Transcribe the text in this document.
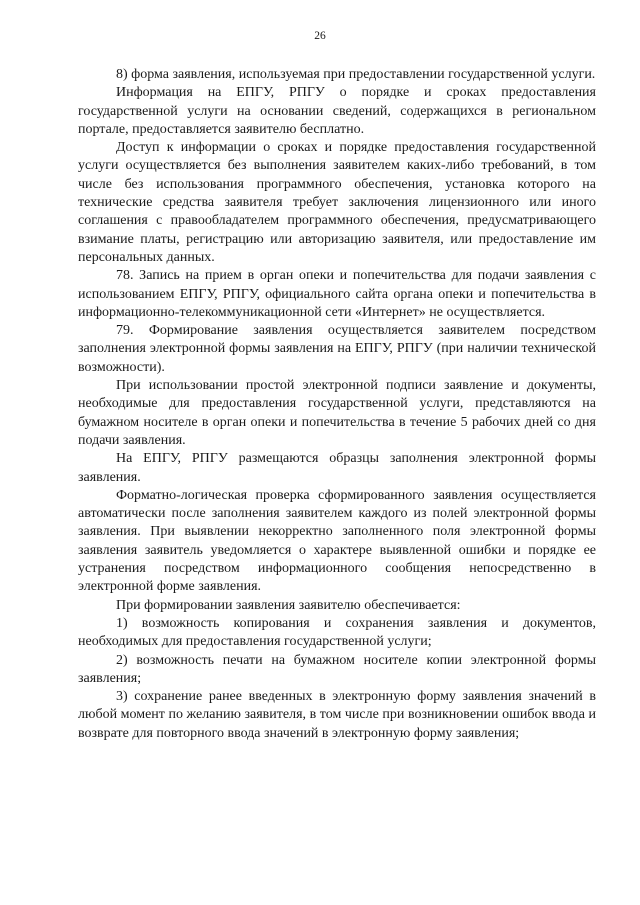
26

8) форма заявления, используемая при предоставлении государственной услуги.

Информация на ЕПГУ, РПГУ о порядке и сроках предоставления государственной услуги на основании сведений, содержащихся в региональном портале, предоставляется заявителю бесплатно.

Доступ к информации о сроках и порядке предоставления государственной услуги осуществляется без выполнения заявителем каких-либо требований, в том числе без использования программного обеспечения, установка которого на технические средства заявителя требует заключения лицензионного или иного соглашения с правообладателем программного обеспечения, предусматривающего взимание платы, регистрацию или авторизацию заявителя, или предоставление им персональных данных.

78. Запись на прием в орган опеки и попечительства для подачи заявления с использованием ЕПГУ, РПГУ, официального сайта органа опеки и попечительства в информационно-телекоммуникационной сети «Интернет» не осуществляется.

79. Формирование заявления осуществляется заявителем посредством заполнения электронной формы заявления на ЕПГУ, РПГУ (при наличии технической возможности).

При использовании простой электронной подписи заявление и документы, необходимые для предоставления государственной услуги, представляются на бумажном носителе в орган опеки и попечительства в течение 5 рабочих дней со дня подачи заявления.

На ЕПГУ, РПГУ размещаются образцы заполнения электронной формы заявления.

Форматно-логическая проверка сформированного заявления осуществляется автоматически после заполнения заявителем каждого из полей электронной формы заявления. При выявлении некорректно заполненного поля электронной формы заявления заявитель уведомляется о характере выявленной ошибки и порядке ее устранения посредством информационного сообщения непосредственно в электронной форме заявления.

При формировании заявления заявителю обеспечивается:

1) возможность копирования и сохранения заявления и документов, необходимых для предоставления государственной услуги;

2) возможность печати на бумажном носителе копии электронной формы заявления;

3) сохранение ранее введенных в электронную форму заявления значений в любой момент по желанию заявителя, в том числе при возникновении ошибок ввода и возврате для повторного ввода значений в электронную форму заявления;
